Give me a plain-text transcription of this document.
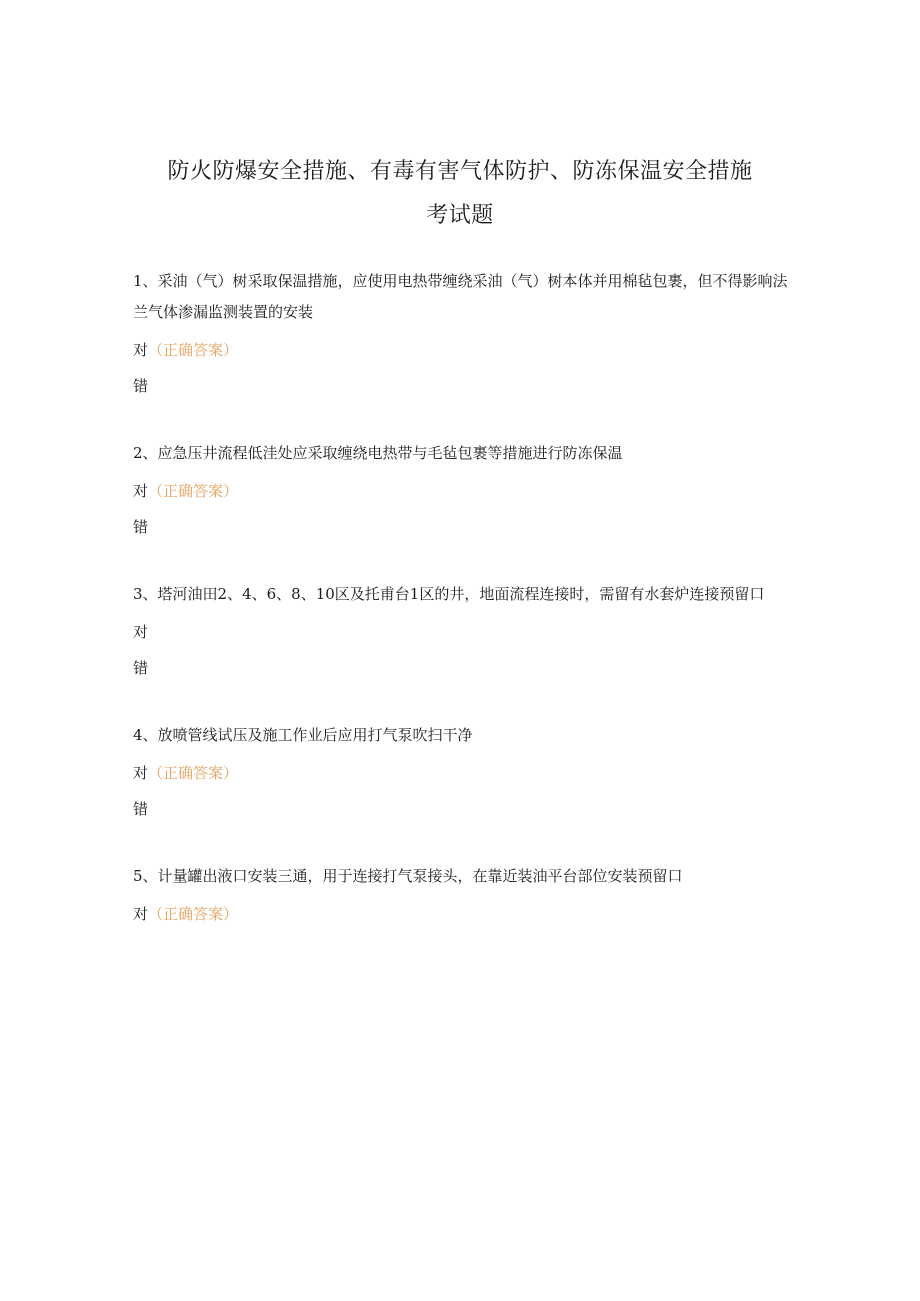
防火防爆安全措施、有毒有害气体防护、防冻保温安全措施
考试题

1、采油（气）树采取保温措施，应使用电热带缠绕采油（气）树本体并用棉毡包裹，但不得影响法兰气体渗漏监测装置的安装

对（正确答案）
错

2、应急压井流程低洼处应采取缠绕电热带与毛毡包裹等措施进行防冻保温

对（正确答案）
错

3、塔河油田2、4、6、8、10区及托甫台1区的井，地面流程连接时，需留有水套炉连接预留口

对
错

4、放喷管线试压及施工作业后应用打气泵吹扫干净

对（正确答案）
错

5、计量罐出液口安装三通，用于连接打气泵接头，在靠近装油平台部位安装预留口

对（正确答案）
